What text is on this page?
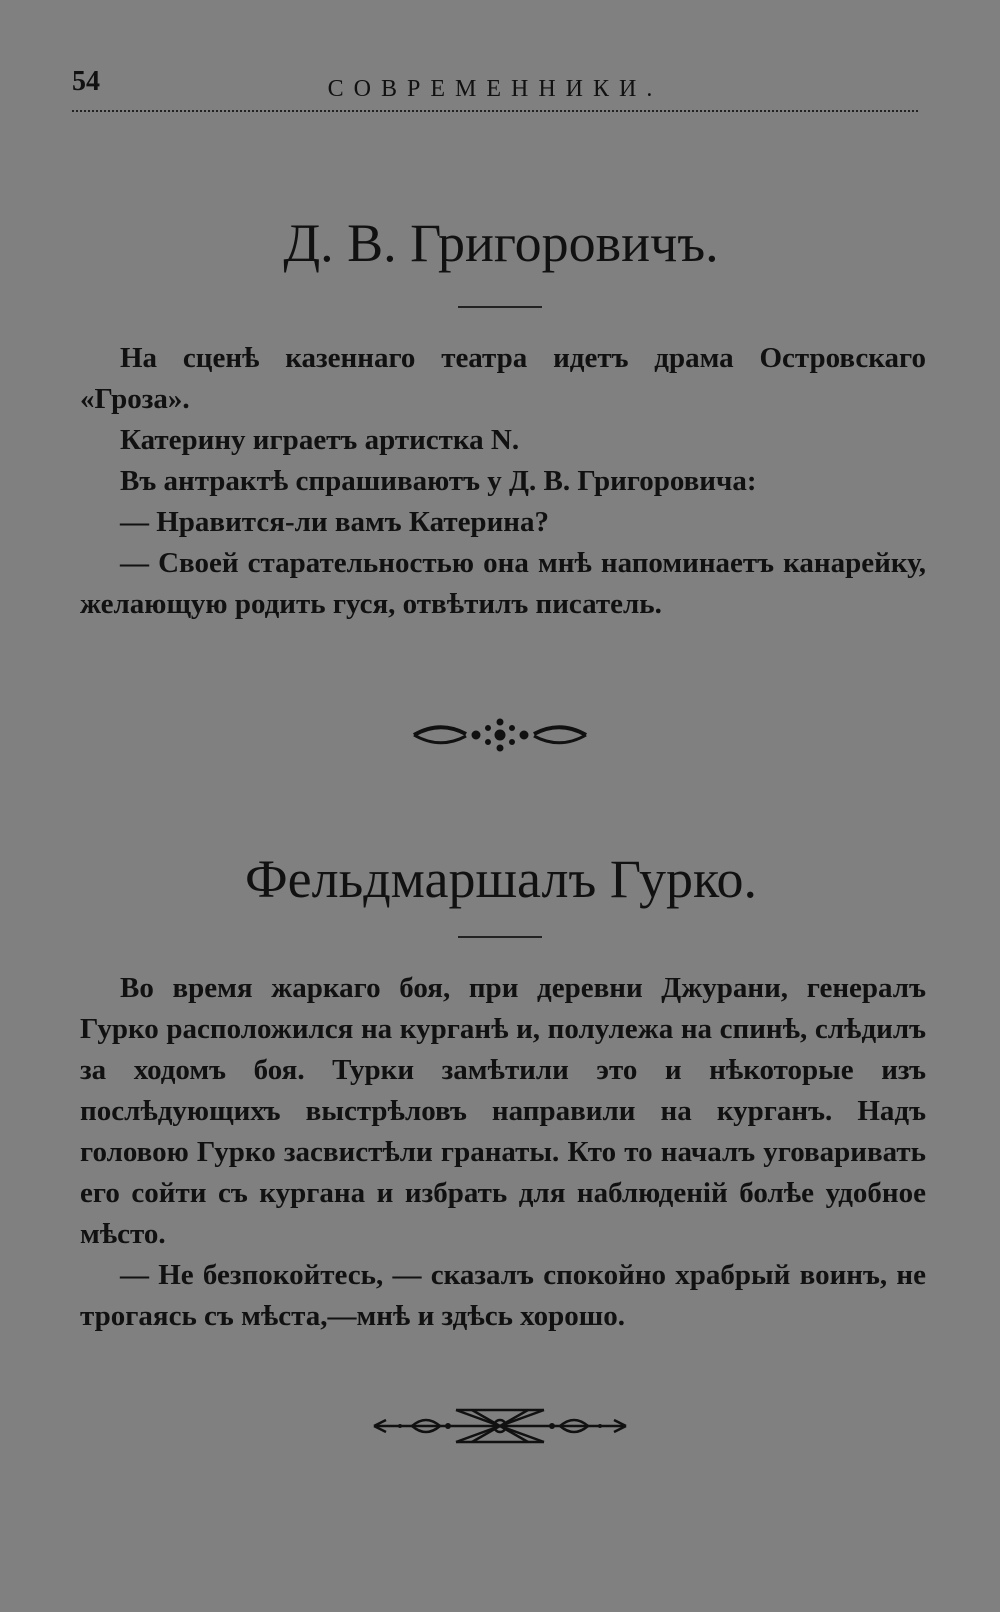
54	СОВРЕМЕННИКИ.
Д. В. Григоровичъ.

На сценѣ казеннаго театра идетъ драма Островскаго «Гроза».

Катерину играетъ артистка N.

Въ антрактѣ спрашиваютъ у Д. В. Григоровича:

— Нравится-ли вамъ Катерина?

— Своей старательностью она мнѣ напоминаетъ канарейку, желающую родить гуся, отвѣтилъ писатель.

Фельдмаршалъ Гурко.

Во время жаркаго боя, при деревни Джурани, генералъ Гурко расположился на курганѣ и, полулежа на спинѣ, слѣдилъ за ходомъ боя. Турки замѣтили это и нѣкоторые изъ послѣдующихъ выстрѣловъ направили на курганъ. Надъ головою Гурко засвистѣли гранаты. Кто то началъ уговаривать его сойти съ кургана и избрать для наблюденій болѣе удобное мѣсто.

— Не безпокойтесь, — сказалъ спокойно храбрый воинъ, не трогаясь съ мѣста,—мнѣ и здѣсь хорошо.
